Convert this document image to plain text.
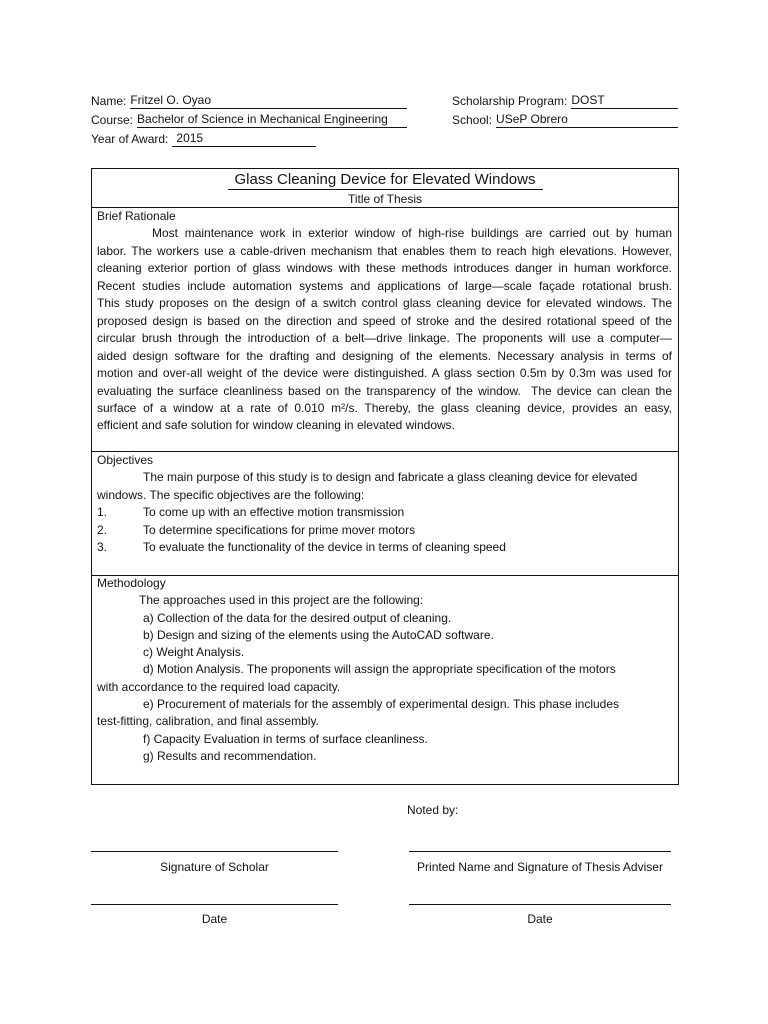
Name: Fritzel O. Oyao
Course: Bachelor of Science in Mechanical Engineering
Year of Award: 2015
Scholarship Program: DOST
School: USeP Obrero
Glass Cleaning Device for Elevated Windows
Title of Thesis
Brief Rationale
Most maintenance work in exterior window of high-rise buildings are carried out by human
labor. The workers use a cable-driven mechanism that enables them to reach high elevations. However,
cleaning exterior portion of glass windows with these methods introduces danger in human workforce.
Recent studies include automation systems and applications of large—scale façade rotational brush.
This study proposes on the design of a switch control glass cleaning device for elevated windows. The
proposed design is based on the direction and speed of stroke and the desired rotational speed of the
circular brush through the introduction of a belt—drive linkage. The proponents will use a computer—
aided design software for the drafting and designing of the elements. Necessary analysis in terms of
motion and over-all weight of the device were distinguished. A glass section 0.5m by 0.3m was used for
evaluating the surface cleanliness based on the transparency of the window.  The device can clean the
surface of a window at a rate of 0.010 m²/s. Thereby, the glass cleaning device, provides an easy,
efficient and safe solution for window cleaning in elevated windows.
Objectives
The main purpose of this study is to design and fabricate a glass cleaning device for elevated
windows. The specific objectives are the following:
1.	To come up with an effective motion transmission
2.	To determine specifications for prime mover motors
3.	To evaluate the functionality of the device in terms of cleaning speed
Methodology
The approaches used in this project are the following:
a) Collection of the data for the desired output of cleaning.
b) Design and sizing of the elements using the AutoCAD software.
c) Weight Analysis.
d) Motion Analysis. The proponents will assign the appropriate specification of the motors
with accordance to the required load capacity.
e) Procurement of materials for the assembly of experimental design. This phase includes
test-fitting, calibration, and final assembly.
f) Capacity Evaluation in terms of surface cleanliness.
g) Results and recommendation.
Noted by:
Signature of Scholar	Printed Name and Signature of Thesis Adviser
Date	Date
